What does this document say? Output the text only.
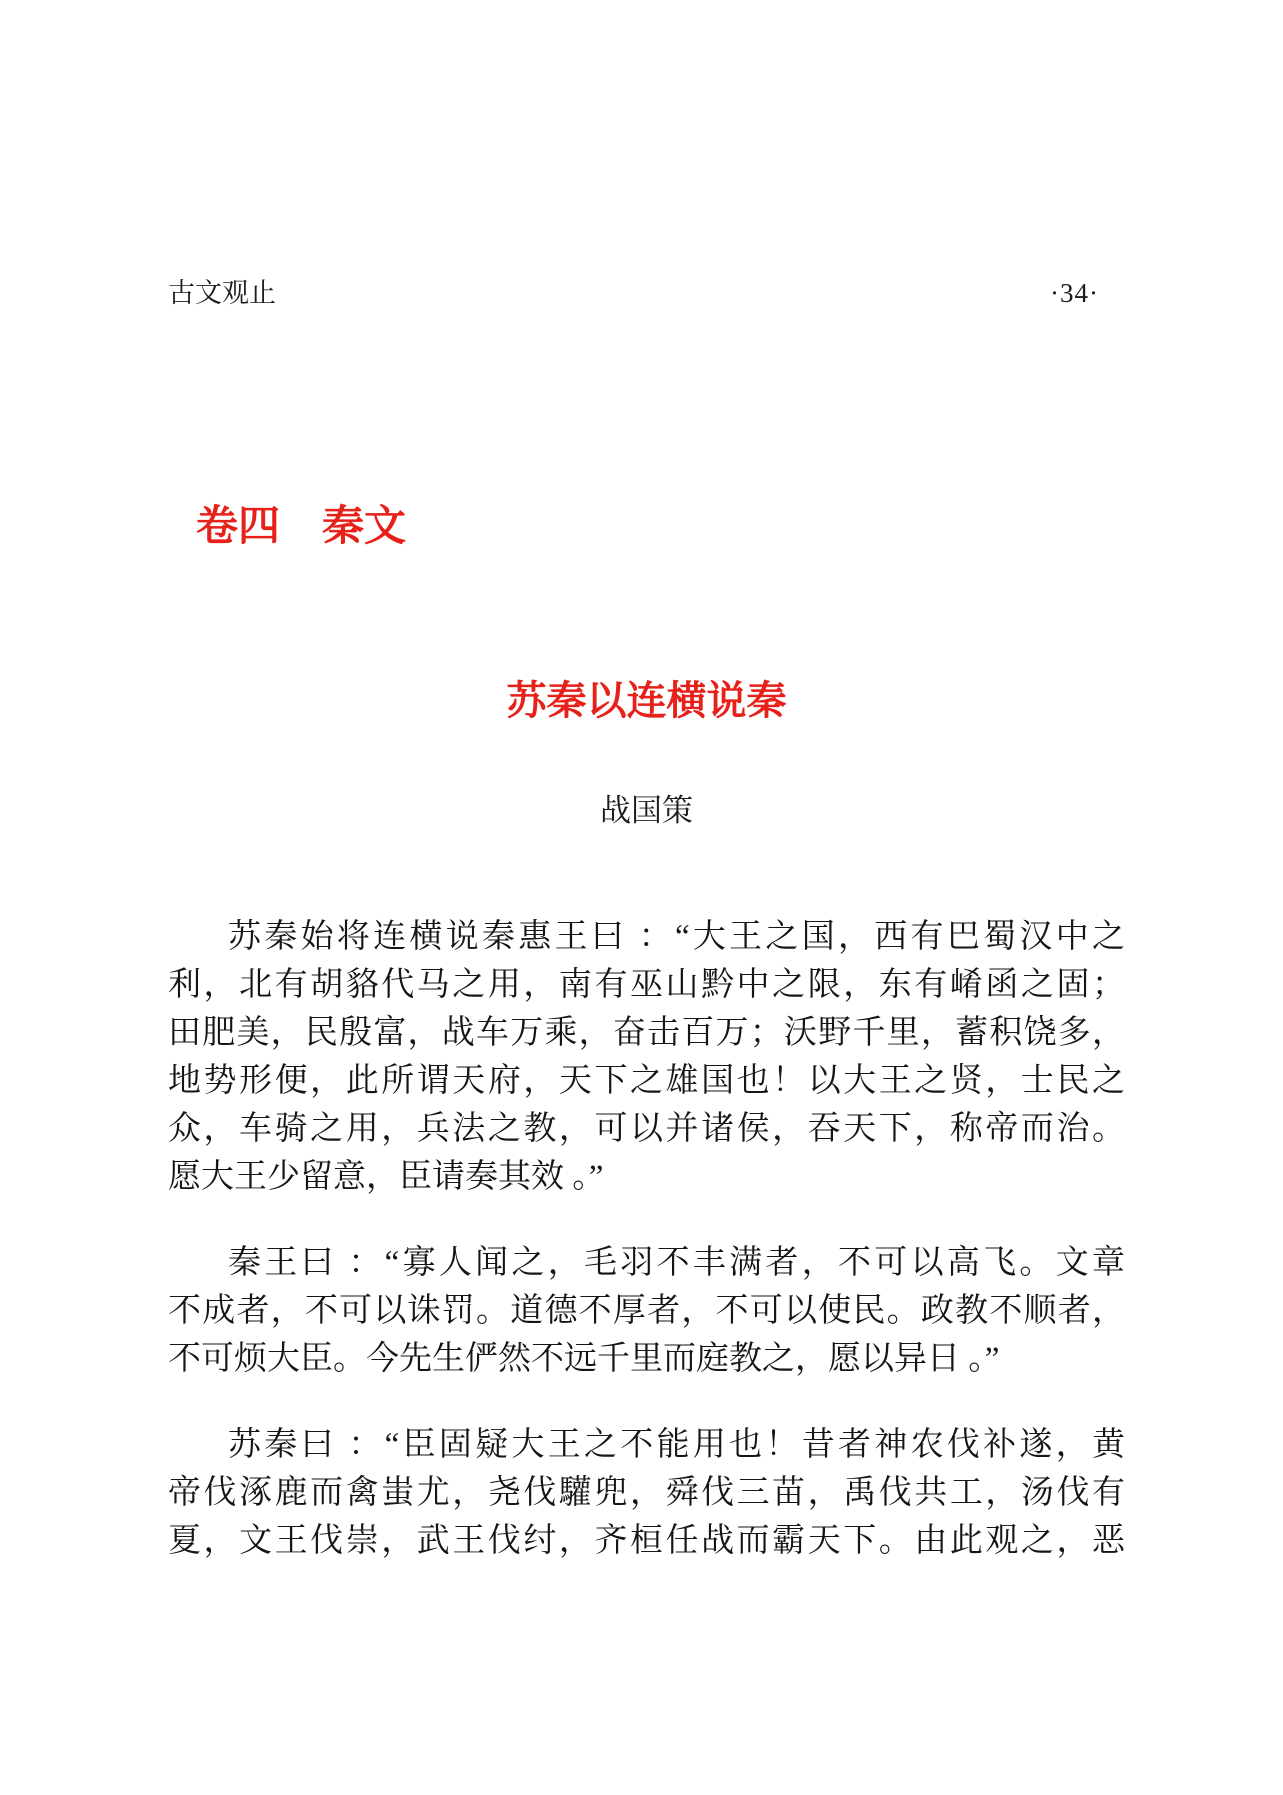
古文观止	·34·
卷四　秦文
苏秦以连横说秦
战国策

苏秦始将连横说秦惠王曰 ：“大王之国，西有巴蜀汉中之
利，北有胡貉代马之用，南有巫山黔中之限，东有崤函之固；
田肥美，民殷富，战车万乘，奋击百万；沃野千里，蓄积饶多，
地势形便，此所谓天府，天下之雄国也！以大王之贤，士民之
众，车骑之用，兵法之教，可以并诸侯，吞天下，称帝而治。
愿大王少留意，臣请奏其效 。”

秦王曰 ：“寡人闻之，毛羽不丰满者，不可以高飞。文章
不成者，不可以诛罚。道德不厚者，不可以使民。政教不顺者，
不可烦大臣。今先生俨然不远千里而庭教之，愿以异日 。”

苏秦曰 ：“臣固疑大王之不能用也！昔者神农伐补遂，黄
帝伐涿鹿而禽蚩尤，尧伐驩兜，舜伐三苗，禹伐共工，汤伐有
夏，文王伐崇，武王伐纣，齐桓任战而霸天下。由此观之，恶
